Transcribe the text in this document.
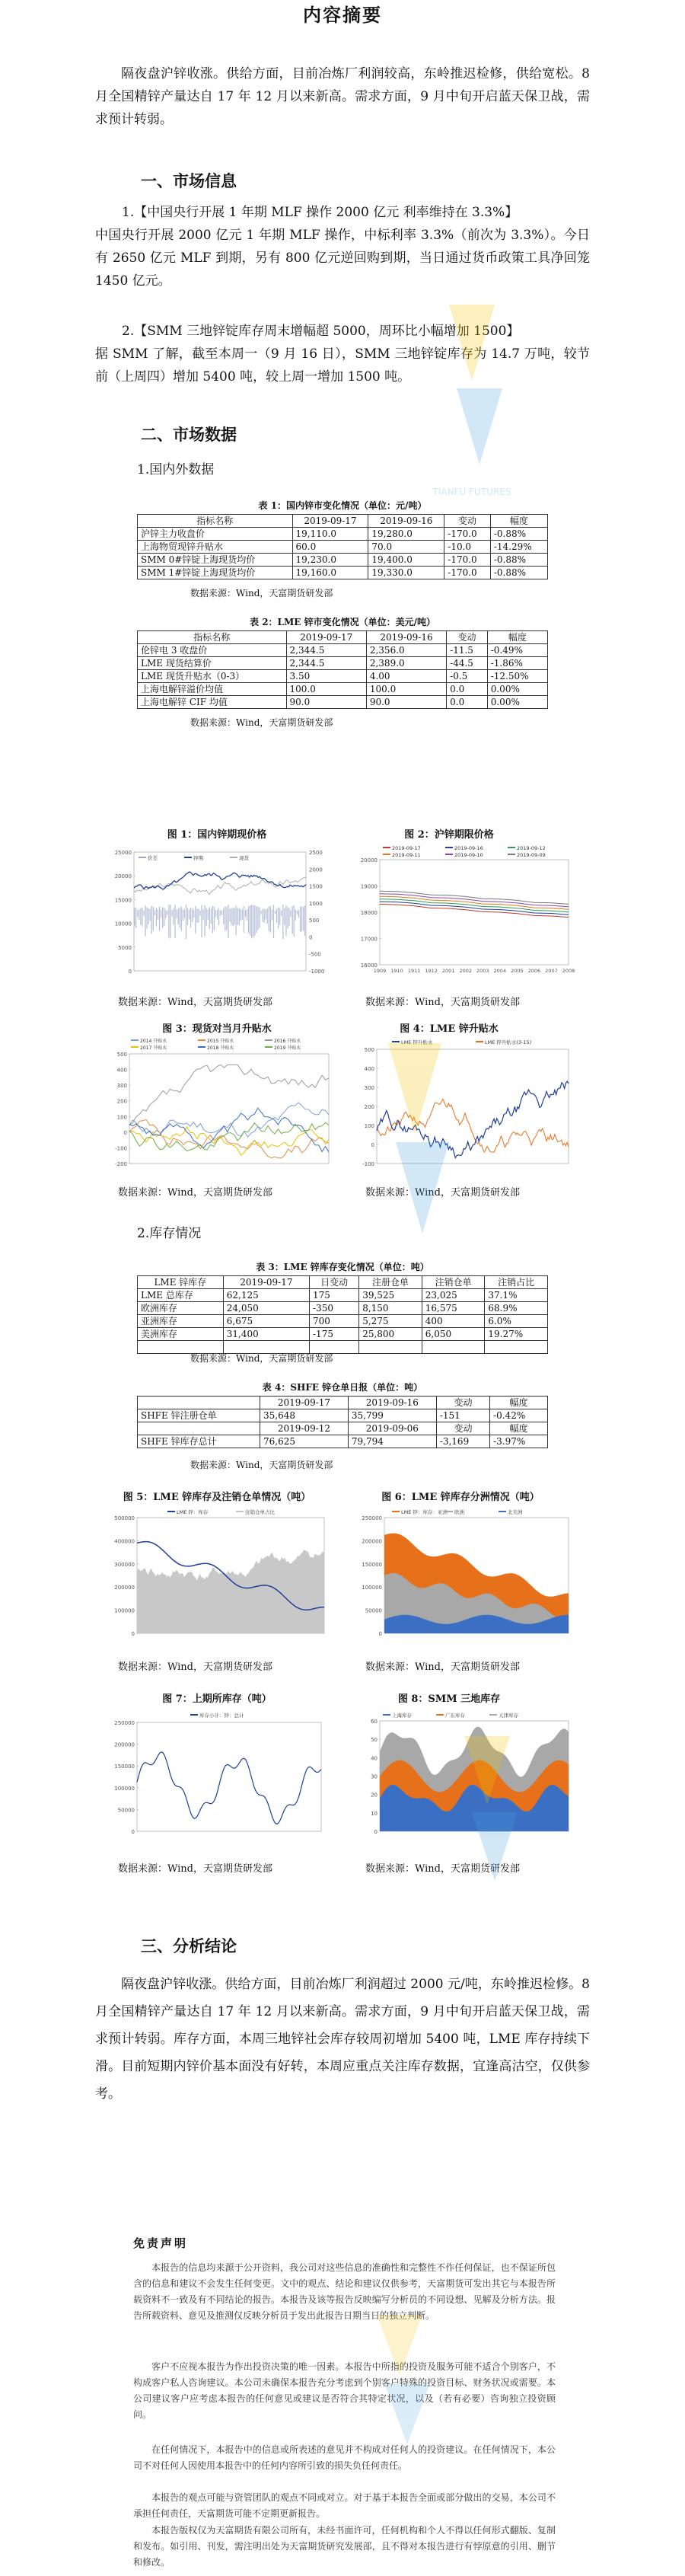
内容摘要
隔夜盘沪锌收涨。供给方面，目前冶炼厂利润较高，东岭推迟检修，供给宽松。8 月全国精锌产量达自 17 年 12 月以来新高。需求方面，9 月中旬开启蓝天保卫战，需求预计转弱。
一、市场信息
1.【中国央行开展 1 年期 MLF 操作 2000 亿元 利率维持在 3.3%】
中国央行开展 2000 亿元 1 年期 MLF 操作，中标利率 3.3%（前次为 3.3%）。今日有 2650 亿元 MLF 到期，另有 800 亿元逆回购到期，当日通过货币政策工具净回笼 1450 亿元。
2.【SMM 三地锌锭库存周末增幅超 5000，周环比小幅增加 1500】
据 SMM 了解，截至本周一（9 月 16 日），SMM 三地锌锭库存为 14.7 万吨，较节前（上周四）增加 5400 吨，较上周一增加 1500 吨。
二、市场数据
1.国内外数据
表 1：国内锌市变化情况（单位：元/吨）
指标名称	2019-09-17	2019-09-16	变动	幅度
沪锌主力收盘价	19,110.0	19,280.0	-170.0	-0.88%
上海物贸现锌升贴水	60.0	70.0	-10.0	-14.29%
SMM 0#锌锭上海现货均价	19,230.0	19,400.0	-170.0	-0.88%
SMM 1#锌锭上海现货均价	19,160.0	19,330.0	-170.0	-0.88%
数据来源：Wind，天富期货研发部
表 2：LME 锌市变化情况（单位：美元/吨）
指标名称	2019-09-17	2019-09-16	变动	幅度
伦锌电 3 收盘价	2,344.5	2,356.0	-11.5	-0.49%
LME 现货结算价	2,344.5	2,389.0	-44.5	-1.86%
LME 现货升贴水（0-3）	3.50	4.00	-0.5	-12.50%
上海电解锌溢价均值	100.0	100.0	0.0	0.00%
上海电解锌 CIF 均值	90.0	90.0	0.0	0.00%
数据来源：Wind，天富期货研发部
图 1：国内锌期现价格	图 2：沪锌期限价格
25000
20000
15000
10000
5000
0
2500
2000
1500
1000
500
0
-500
-1000
价差	锌期	现货	20000
19000
18000
17000
16000
1909 1910 1911 1912 2001 2002 2003 2004 2005 2006 2007 2008
2019-09-17	2019-09-16	2019-09-12
2019-09-11	2019-09-10	2019-09-09
数据来源：Wind，天富期货研发部	数据来源：Wind，天富期货研发部
图 3：现货对当月升贴水	图 4：LME 锌升贴水
500
400
300
200
100
0
-100
-200
2014 升贴水	2015 升贴水	2016 升贴水
2017 升贴水	2018 升贴水	2019 升贴水	500
400
300
200
100
0
-100
LME 锌升贴水	LME 锌升贴水(3-15)
数据来源：Wind，天富期货研发部	数据来源：Wind，天富期货研发部
2.库存情况
表 3：LME 锌库存变化情况（单位：吨）
LME 锌库存	2019-09-17	日变动	注册仓单	注销仓单	注销占比
LME 总库存	62,125	175	39,525	23,025	37.1%
欧洲库存	24,050	-350	8,150	16,575	68.9%
亚洲库存	6,675	700	5,275	400	6.0%
美洲库存	31,400	-175	25,800	6,050	19.27%

数据来源：Wind，天富期货研发部
表 4：SHFE 锌仓单日报（单位：吨）
	2019-09-17	2019-09-16	变动	幅度
SHFE 锌注册仓单	35,648	35,799	-151	-0.42%
	2019-09-12	2019-09-06	变动	幅度
SHFE 锌库存总计	76,625	79,794	-3,169	-3.97%
数据来源：Wind，天富期货研发部
图 5：LME 锌库存及注销仓单情况（吨）	图 6：LME 锌库存分洲情况（吨）
500000
400000
300000
200000
100000
0
LME 锌：库存	注销仓单占比
250000
200000
150000
100000
50000
0
LME 锌：库存：亚洲 欧洲	北美洲
数据来源：Wind，天富期货研发部	数据来源：Wind，天富期货研发部
图 7：上期所库存（吨）	图 8：SMM 三地库存
250000
200000
150000
100000
50000
0
库存小计：锌：总计
60
50
40
30
20
10
0
上海库存	广东库存	天津库存
数据来源：Wind，天富期货研发部	数据来源：Wind，天富期货研发部
三、分析结论
隔夜盘沪锌收涨。供给方面，目前冶炼厂利润超过 2000 元/吨，东岭推迟检修。8 月全国精锌产量达自 17 年 12 月以来新高。需求方面，9 月中旬开启蓝天保卫战，需求预计转弱。库存方面，本周三地锌社会库存较周初增加 5400 吨，LME 库存持续下滑。目前短期内锌价基本面没有好转，本周应重点关注库存数据，宜逢高沽空，仅供参考。
免责声明
本报告的信息均来源于公开资料，我公司对这些信息的准确性和完整性不作任何保证，也不保证所包含的信息和建议不会发生任何变更。文中的观点、结论和建议仅供参考，天富期货可发出其它与本报告所载资料不一致及有不同结论的报告。本报告及该等报告反映编写分析员的不同设想、见解及分析方法。报告所载资料、意见及推测仅反映分析员于发出此报告日期当日的独立判断。
客户不应视本报告为作出投资决策的唯一因素。本报告中所指的投资及服务可能不适合个别客户，不构成客户私人咨询建议。本公司未确保本报告充分考虑到个别客户特殊的投资目标、财务状况或需要。本公司建议客户应考虑本报告的任何意见或建议是否符合其特定状况，以及（若有必要）咨询独立投资顾问。
在任何情况下，本报告中的信息或所表述的意见并不构成对任何人的投资建议。在任何情况下，本公司不对任何人因使用本报告中的任何内容所引致的损失负任何责任。
本报告的观点可能与资管团队的观点不同或对立。对于基于本报告全面或部分做出的交易，本公司不承担任何责任，天富期货可能不定期更新报告。
本报告版权仅为天富期货有限公司所有，未经书面许可，任何机构和个人不得以任何形式翻版、复制和发布。如引用、刊发，需注明出处为天富期货研究发展部，且不得对本报告进行有悖原意的引用、删节和修改。
TIANFU FUTURES
